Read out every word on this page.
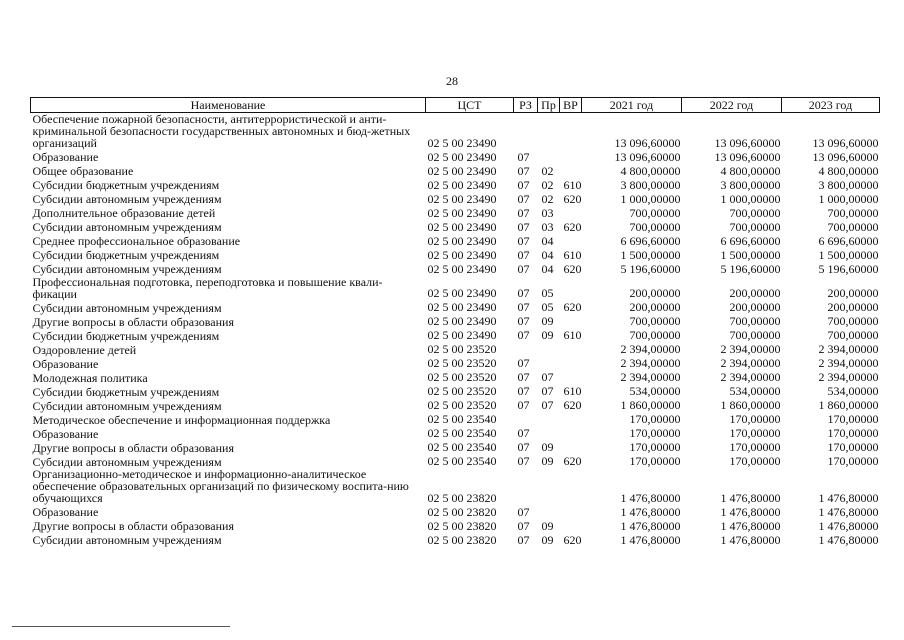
28
Наименование	ЦСТ	РЗ	Пр	ВР	2021 год	2022 год	2023 год
Обеспечение пожарной безопасности, антитеррористической и анти-криминальной безопасности государственных автономных и бюд-жетных организаций	02 5 00 23490				13 096,60000	13 096,60000	13 096,60000
Образование	02 5 00 23490	07			13 096,60000	13 096,60000	13 096,60000
Общее образование	02 5 00 23490	07	02		4 800,00000	4 800,00000	4 800,00000
Субсидии бюджетным учреждениям	02 5 00 23490	07	02	610	3 800,00000	3 800,00000	3 800,00000
Субсидии автономным учреждениям	02 5 00 23490	07	02	620	1 000,00000	1 000,00000	1 000,00000
Дополнительное образование детей	02 5 00 23490	07	03		700,00000	700,00000	700,00000
Субсидии автономным учреждениям	02 5 00 23490	07	03	620	700,00000	700,00000	700,00000
Среднее профессиональное образование	02 5 00 23490	07	04		6 696,60000	6 696,60000	6 696,60000
Субсидии бюджетным учреждениям	02 5 00 23490	07	04	610	1 500,00000	1 500,00000	1 500,00000
Субсидии автономным учреждениям	02 5 00 23490	07	04	620	5 196,60000	5 196,60000	5 196,60000
Профессиональная подготовка, переподготовка и повышение квали-фикации	02 5 00 23490	07	05		200,00000	200,00000	200,00000
Субсидии автономным учреждениям	02 5 00 23490	07	05	620	200,00000	200,00000	200,00000
Другие вопросы в области образования	02 5 00 23490	07	09		700,00000	700,00000	700,00000
Субсидии бюджетным учреждениям	02 5 00 23490	07	09	610	700,00000	700,00000	700,00000
Оздоровление детей	02 5 00 23520				2 394,00000	2 394,00000	2 394,00000
Образование	02 5 00 23520	07			2 394,00000	2 394,00000	2 394,00000
Молодежная политика	02 5 00 23520	07	07		2 394,00000	2 394,00000	2 394,00000
Субсидии бюджетным учреждениям	02 5 00 23520	07	07	610	534,00000	534,00000	534,00000
Субсидии автономным учреждениям	02 5 00 23520	07	07	620	1 860,00000	1 860,00000	1 860,00000
Методическое обеспечение и информационная поддержка	02 5 00 23540				170,00000	170,00000	170,00000
Образование	02 5 00 23540	07			170,00000	170,00000	170,00000
Другие вопросы в области образования	02 5 00 23540	07	09		170,00000	170,00000	170,00000
Субсидии автономным учреждениям	02 5 00 23540	07	09	620	170,00000	170,00000	170,00000
Организационно-методическое и информационно-аналитическое обеспечение образовательных организаций по физическому воспита-нию обучающихся	02 5 00 23820				1 476,80000	1 476,80000	1 476,80000
Образование	02 5 00 23820	07			1 476,80000	1 476,80000	1 476,80000
Другие вопросы в области образования	02 5 00 23820	07	09		1 476,80000	1 476,80000	1 476,80000
Субсидии автономным учреждениям	02 5 00 23820	07	09	620	1 476,80000	1 476,80000	1 476,80000
